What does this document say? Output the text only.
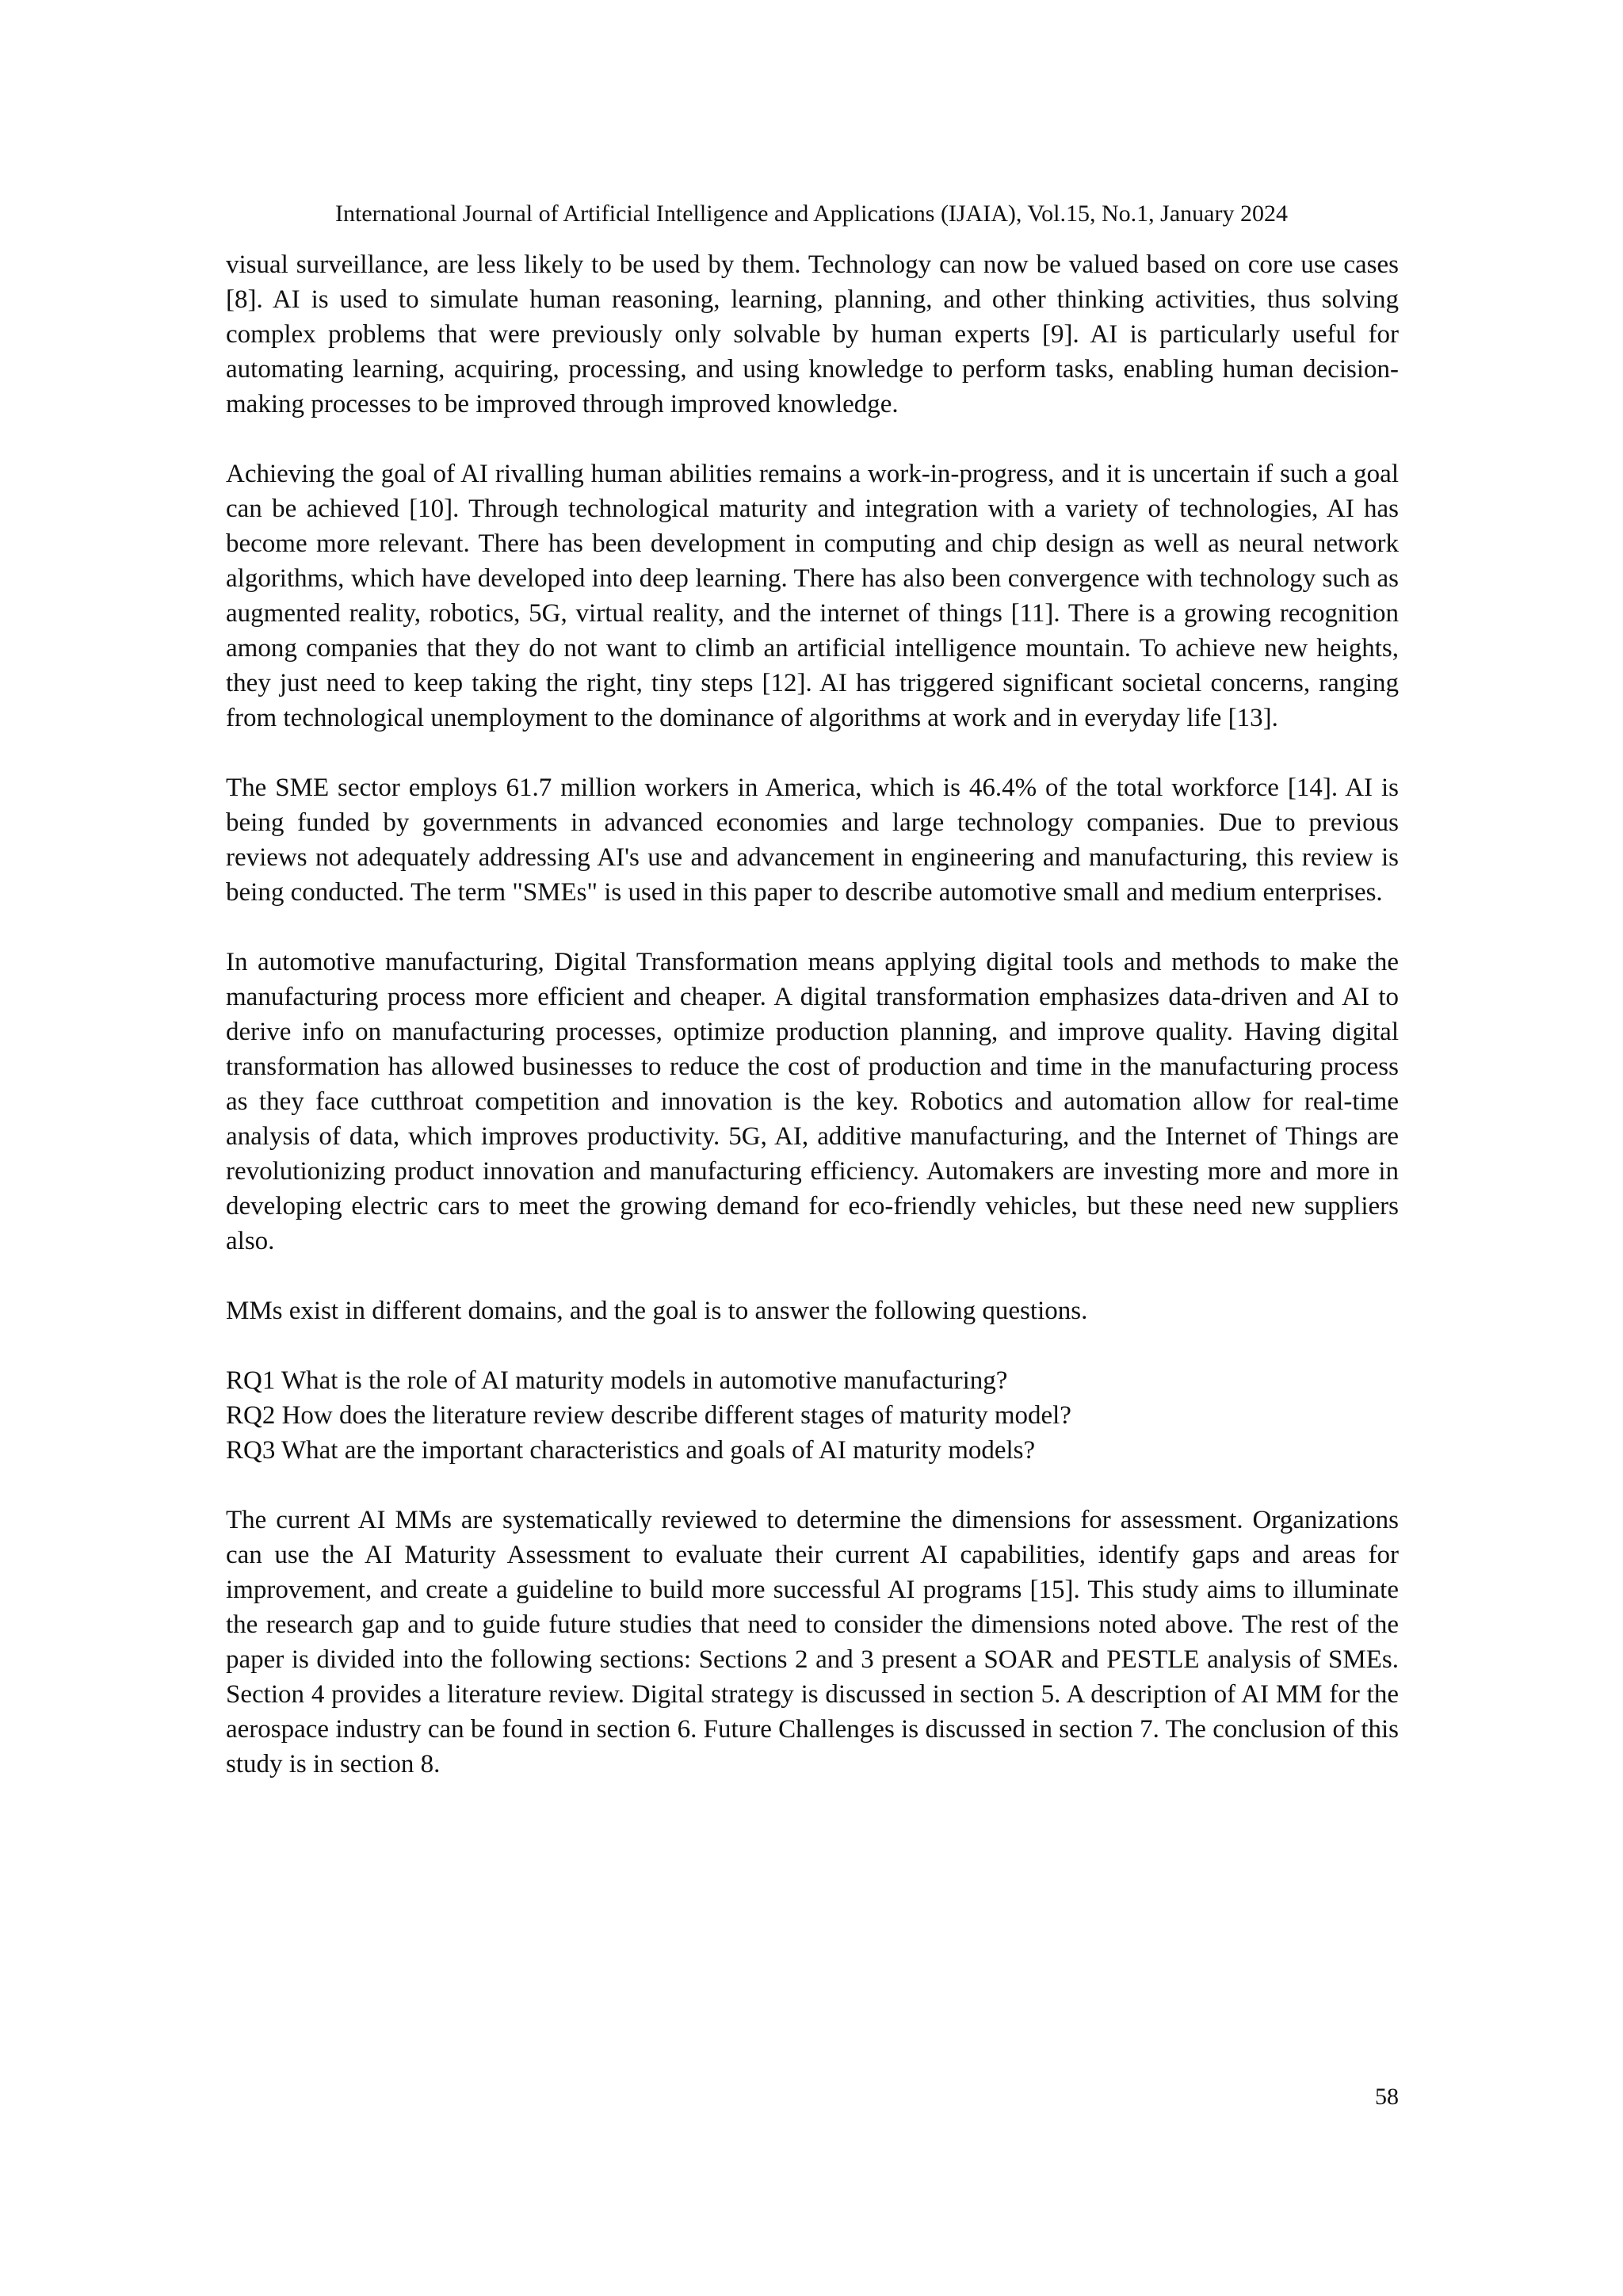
International Journal of Artificial Intelligence and Applications (IJAIA), Vol.15, No.1, January 2024

visual surveillance, are less likely to be used by them. Technology can now be valued based on core use cases [8]. AI is used to simulate human reasoning, learning, planning, and other thinking activities, thus solving complex problems that were previously only solvable by human experts [9]. AI is particularly useful for automating learning, acquiring, processing, and using knowledge to perform tasks, enabling human decision-making processes to be improved through improved knowledge.

Achieving the goal of AI rivalling human abilities remains a work-in-progress, and it is uncertain if such a goal can be achieved [10]. Through technological maturity and integration with a variety of technologies, AI has become more relevant. There has been development in computing and chip design as well as neural network algorithms, which have developed into deep learning. There has also been convergence with technology such as augmented reality, robotics, 5G, virtual reality, and the internet of things [11]. There is a growing recognition among companies that they do not want to climb an artificial intelligence mountain. To achieve new heights, they just need to keep taking the right, tiny steps [12]. AI has triggered significant societal concerns, ranging from technological unemployment to the dominance of algorithms at work and in everyday life [13].

The SME sector employs 61.7 million workers in America, which is 46.4% of the total workforce [14]. AI is being funded by governments in advanced economies and large technology companies. Due to previous reviews not adequately addressing AI's use and advancement in engineering and manufacturing, this review is being conducted. The term "SMEs" is used in this paper to describe automotive small and medium enterprises.

In automotive manufacturing, Digital Transformation means applying digital tools and methods to make the manufacturing process more efficient and cheaper. A digital transformation emphasizes data-driven and AI to derive info on manufacturing processes, optimize production planning, and improve quality. Having digital transformation has allowed businesses to reduce the cost of production and time in the manufacturing process as they face cutthroat competition and innovation is the key. Robotics and automation allow for real-time analysis of data, which improves productivity. 5G, AI, additive manufacturing, and the Internet of Things are revolutionizing product innovation and manufacturing efficiency. Automakers are investing more and more in developing electric cars to meet the growing demand for eco-friendly vehicles, but these need new suppliers also.

MMs exist in different domains, and the goal is to answer the following questions.

RQ1 What is the role of AI maturity models in automotive manufacturing?
RQ2 How does the literature review describe different stages of maturity model?
RQ3 What are the important characteristics and goals of AI maturity models?

The current AI MMs are systematically reviewed to determine the dimensions for assessment. Organizations can use the AI Maturity Assessment to evaluate their current AI capabilities, identify gaps and areas for improvement, and create a guideline to build more successful AI programs [15]. This study aims to illuminate the research gap and to guide future studies that need to consider the dimensions noted above. The rest of the paper is divided into the following sections: Sections 2 and 3 present a SOAR and PESTLE analysis of SMEs. Section 4 provides a literature review. Digital strategy is discussed in section 5. A description of AI MM for the aerospace industry can be found in section 6. Future Challenges is discussed in section 7. The conclusion of this study is in section 8.

58
